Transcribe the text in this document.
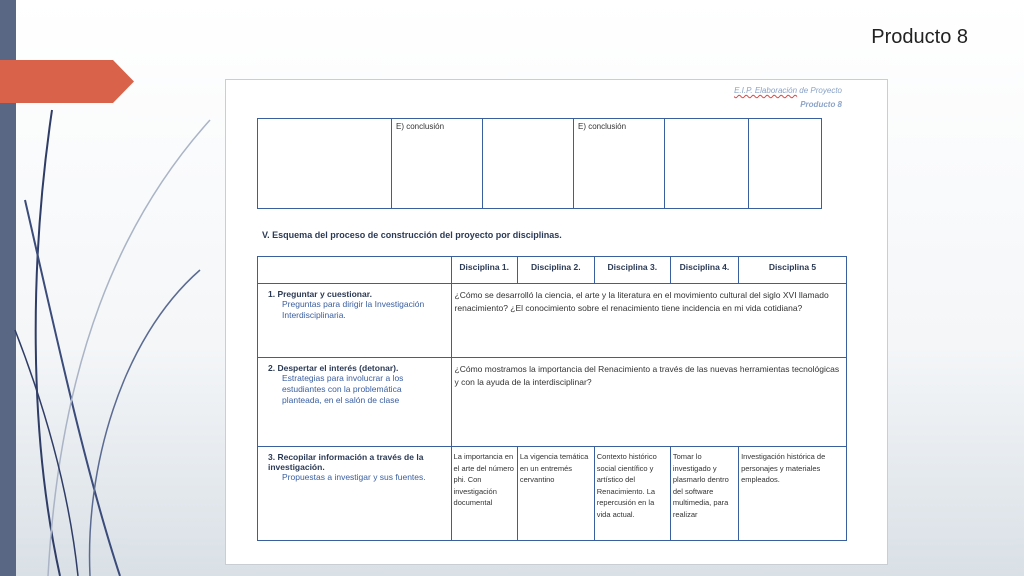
Producto 8
E.I.P. Elaboración de Proyecto
Producto 8
	E) conclusión		E) conclusión		
V. Esquema del proceso de construcción del proyecto por disciplinas.
	Disciplina 1.	Disciplina 2.	Disciplina 3.	Disciplina 4.	Disciplina 5

1. Preguntar y cuestionar.
Preguntas para dirigir la Investigación Interdisciplinaria.	¿Cómo se desarrolló la ciencia, el arte y la literatura en el movimiento cultural del siglo XVI llamado renacimiento? ¿El conocimiento sobre el renacimiento tiene incidencia en mi vida cotidiana?				

2. Despertar el interés (detonar).
Estrategias para involucrar a los estudiantes con la problemática planteada, en el salón de clase	¿Cómo mostramos la importancia del Renacimiento a través de las nuevas herramientas tecnológicas y con la ayuda de la interdisciplinar?				

3. Recopilar información a través de la investigación.
Propuestas a investigar y sus fuentes.	La importancia en el arte del número phi. Con investigación documental	La vigencia temática en un entremés cervantino	Contexto histórico social científico y artístico del Renacimiento. La repercusión en la vida actual.	Tomar lo investigado y plasmarlo dentro del software multimedia, para realizar	Investigación histórica de personajes y materiales empleados.
